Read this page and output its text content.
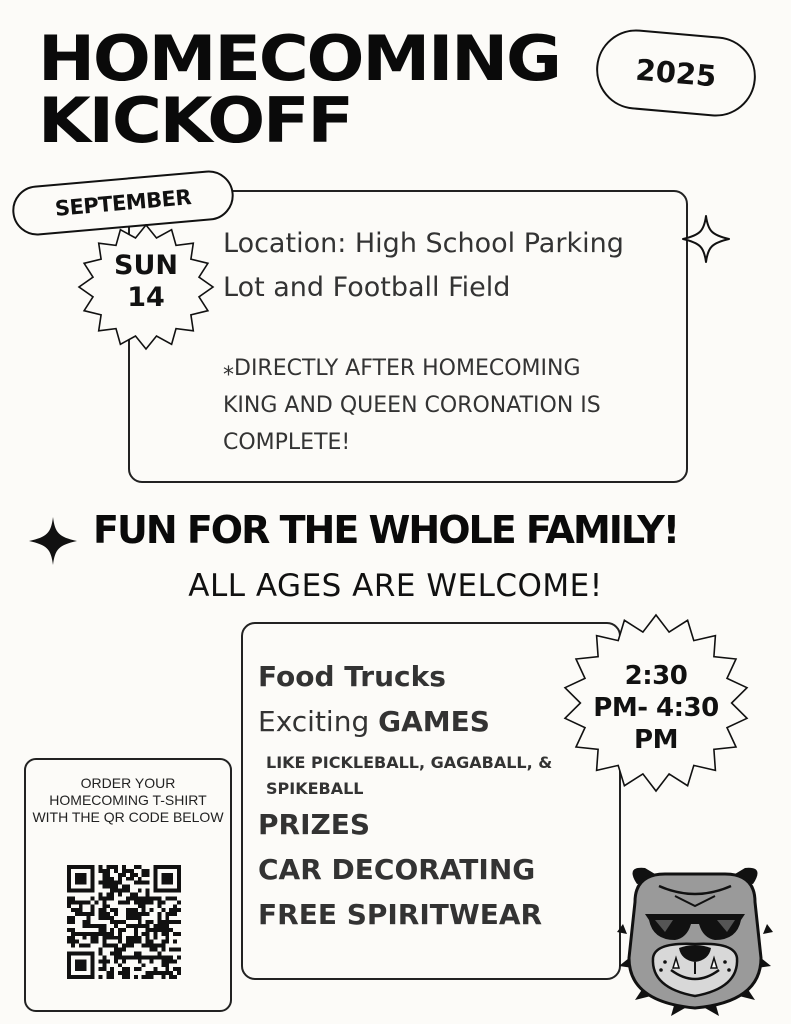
HOMECOMING
KICKOFF
2025
SEPTEMBER
SUN
14
Location: High School Parking
Lot and Football Field
⁎DIRECTLY AFTER HOMECOMING
KING AND QUEEN CORONATION IS
COMPLETE!
FUN FOR THE WHOLE FAMILY!
ALL AGES ARE WELCOME!
Food Trucks
Exciting GAMES
LIKE PICKLEBALL, GAGABALL, & SPIKEBALL
PRIZES
CAR DECORATING
FREE SPIRITWEAR
2:30
PM- 4:30
PM
ORDER YOUR HOMECOMING T-SHIRT WITH THE QR CODE BELOW
